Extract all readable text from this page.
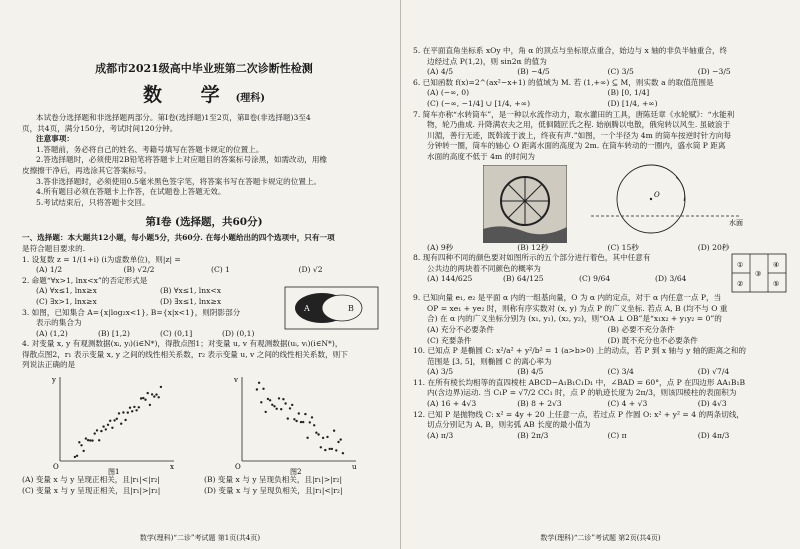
成都市2021级高中毕业班第二次诊断性检测

数 学(理科)

本试卷分选择题和非选择题两部分。第Ⅰ卷(选择题)1至2页，第Ⅱ卷(非选择题)3至4

页，共4页，满分150分，考试时间120分钟。

注意事项：

1.答题前，务必将自己的姓名、考籍号填写在答题卡规定的位置上。

2.答选择题时，必须使用2B铅笔将答题卡上对应题目的答案标号涂黑，如需改动，用橡

皮擦擦干净后，再选涂其它答案标号。

3.答非选择题时，必须使用0.5毫米黑色签字笔，将答案书写在答题卡规定的位置上。

4.所有题目必须在答题卡上作答，在试题卷上答题无效。

5.考试结束后，只将答题卡交回。

第Ⅰ卷 (选择题，共60分)

一、选择题：本大题共12小题，每小题5分，共60分. 在每小题给出的四个选项中，只有一项

是符合题目要求的.

1. 设复数 z = 1/(1+i) (i为虚数单位)，则|z| =

(A) 1/2	(B) √2/2	(C) 1	(D) √2

2. 命题“∀x>1, lnx<x”的否定形式是

(A) ∀x≤1, lnx≥x	(B) ∀x≤1, lnx<x
(C) ∃x>1, lnx≥x	(D) ∃x≤1, lnx≥x

3. 如图，已知集合 A={x|log₂x<1}, B={x|x<1}，则阴影部分

表示的集合为

(A) (1,2)	(B) [1,2)	(C) (0,1]	(D) (0,1)
A	B

4. 对变量 x, y 有观测数据(xᵢ, yᵢ)(i∈N*)，得散点图1；对变量 u, v 有观测数据(uᵢ, vᵢ)(i∈N*)，

得散点图2，r₁ 表示变量 x, y 之间的线性相关系数，r₂ 表示变量 u, v 之间的线性相关系数，则下

列说法正确的是

O	x
y
图1
O	u
v
图2
(A) 变量 x 与 y 呈现正相关，且|r₁|<|r₂|	(B) 变量 x 与 y 呈现负相关，且|r₁|>|r₂|
(C) 变量 x 与 y 呈现正相关，且|r₁|>|r₂|	(D) 变量 x 与 y 呈现负相关，且|r₁|<|r₂|
数学(理科)“二诊”考试题 第1页(共4页)

5. 在平面直角坐标系 xOy 中，角 α 的顶点与坐标原点重合，始边与 x 轴的非负半轴重合，终

边经过点 P(1,2)，则 sin2α 的值为

(A) 4/5	(B) −4/5	(C) 3/5	(D) −3/5

6. 已知函数 f(x)=2^(ax²−x+1) 的值域为 M. 若 (1,+∞) ⊆ M，则实数 a 的取值范围是

(A) (−∞, 0)	(B) [0, 1/4]
(C) (−∞, −1/4] ∪ [1/4, +∞)	(D) [1/4, +∞)

7. 简车亦称“水转筒车”，是一种以水流作动力，取水灌田的工具，唐陈廷章《水轮赋》：“水能利

物，轮乃曲成. 升降满农夫之用，低徊随匠氏之程. 始崩腾以电散，俄宛转以风生. 虽破浪于

川湄，善行无迹，既斡流于波上，终夜有声.”如图，一个半径为 4m 的筒车按逆时针方向每

分钟转一圈，筒车的轴心 O 距离水面的高度为 2m. 在筒车转动的一圈内，盛水筒 P 距离

水面的高度不低于 4m 的时间为

O
水面
(A) 9秒	(B) 12秒	(C) 15秒	(D) 20秒

8. 现有四种不同的颜色要对如图所示的五个部分进行着色，其中任意有

公共边的两块着不同颜色的概率为

(A) 144/625	(B) 64/125	(C) 9/64	(D) 3/64
①
②
③
④
⑤

9. 已知向量 e₁, e₂ 是平面 α 内的一组基向量，O 为 α 内的定点，对于 α 内任意一点 P，当

OP = xe₁ + ye₂ 时，则称有序实数对 (x, y) 为点 P 的广义坐标. 若点 A, B (均不与 O 重

合) 在 α 内的广义坐标分别为 (x₁, y₁), (x₂, y₂)，则“OA ⊥ OB”是“x₁x₂ + y₁y₂ = 0”的

(A) 充分不必要条件	(B) 必要不充分条件
(C) 充要条件	(D) 既不充分也不必要条件

10. 已知点 P 是椭圆 C: x²/a² + y²/b² = 1 (a>b>0) 上的动点，若 P 到 x 轴与 y 轴的距离之和的

范围是 [3, 5]，则椭圆 C 的离心率为

(A) 3/5	(B) 4/5	(C) 3/4	(D) √7/4

11. 在所有棱长均相等的直四棱柱 ABCD−A₁B₁C₁D₁ 中，∠BAD = 60°，点 P 在四边形 AA₁B₁B

内(含边界)运动. 当 C₁P = √7/2 CC₁ 时，点 P 的轨迹长度为 2π/3，则该四棱柱的表面积为

(A) 16 + 4√3	(B) 8 + 2√3	(C) 4 + √3	(D) 4√3

12. 已知 P 是抛物线 C: x² = 4y + 20 上任意一点，若过点 P 作圆 O: x² + y² = 4 的两条切线，

切点分别记为 A, B，则劣弧 AB 长度的最小值为

(A) π/3	(B) 2π/3	(C) π	(D) 4π/3
数学(理科)“二诊”考试题 第2页(共4页)
